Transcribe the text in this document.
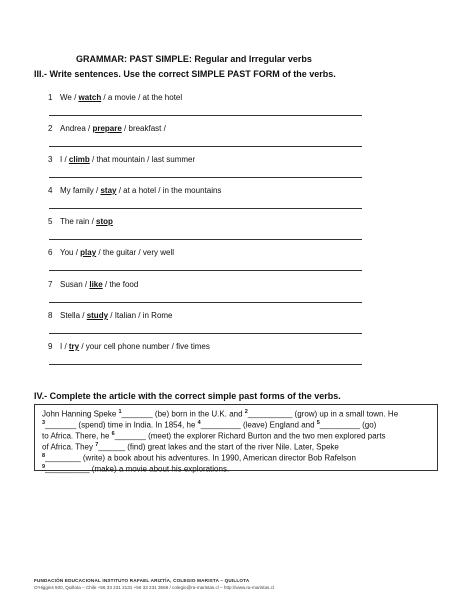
GRAMMAR: PAST SIMPLE: Regular and Irregular verbs
III.- Write sentences. Use the correct SIMPLE PAST FORM of the verbs.
1 We / watch / a movie / at the hotel
2 Andrea / prepare / breakfast /
3 I / climb / that mountain / last summer
4 My family / stay / at a hotel / in the mountains
5 The rain / stop
6 You / play / the guitar / very well
7 Susan / like / the food
8 Stella / study / Italian / in Rome
9 I / try / your cell phone number / five times
IV.- Complete the article with the correct simple past forms of the verbs.
John Hanning Speke $^1$_______ (be) born in the U.K. and $^2$__________ (grow) up in a small town. He
$^3$_______ (spend) time in India. In 1854, he $^4$_________ (leave) England and $^5$_________ (go)
to Africa. There, he $^6$_______ (meet) the explorer Richard Burton and the two men explored parts
of Africa. They $^7$______ (find) great lakes and the start of the river Nile. Later, Speke
$^8$________ (write) a book about his adventures. In 1990, American director Bob Rafelson
$^9$__________ (make) a movie about his explorations.
FUNDACIÓN EDUCACIONAL INSTITUTO RAFAEL ARIZTÍA, COLEGIO MARISTA – QUILLOTA
O'Higgins 500, Quillota – Chile +56 33 231 2131 +56 33 231 3568 / colegio@ra-maristas.cl – http://www.ra-maristas.cl
